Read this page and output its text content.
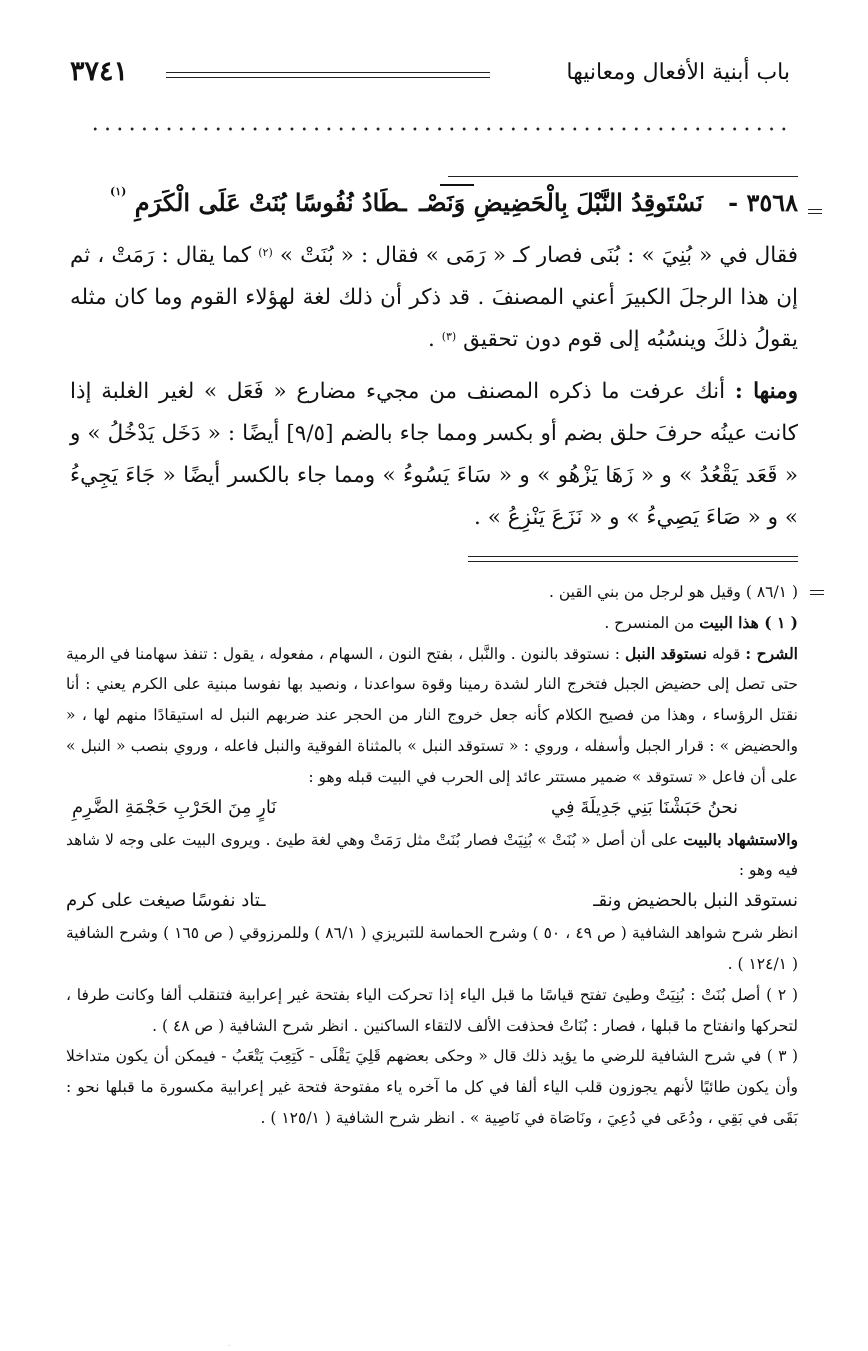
باب أبنية الأفعال ومعانيها
٣٧٤١
٣٥٦٨ -
نَسْتَوقِدُ النَّبْلَ بِالْحَضِيضِ وَنَصْـ
ـطَادُ نُفُوسًا بُنَتْ عَلَى الْكَرَمِ $^{(١)}$

فقال في « بُنِيَ » : بُنَى فصار كـ « رَمَى » فقال : « بُنَتْ » $^{(٢)}$ كما يقال : رَمَتْ ، ثم إن هذا الرجلَ الكبيرَ أعني المصنفَ . قد ذكر أن ذلك لغة لهؤلاء القوم وما كان مثله يقولُ ذلكَ وينسُبُه إلى قوم دون تحقيق $^{(٣)}$ .

ومنها : أنك عرفت ما ذكره المصنف من مجيء مضارع « فَعَل » لغير الغلبة إذا كانت عينُه حرفَ حلق بضم أو بكسر ومما جاء بالضم [٩/٥] أيضًا : « دَخَل يَدْخُلُ » و « قَعَد يَقْعُدُ » و « زَهَا يَزْهُو » و « سَاءَ يَسُوءُ » ومما جاء بالكسر أيضًا « جَاءَ يَجِيءُ » و « صَاءَ يَصِيءُ » و « نَزَعَ يَنْزِعُ » .

( ٨٦/١ ) وقيل هو لرجل من بني القين .

( ١ ) هذا البيت من المنسرح .

الشرح : قوله نستوقد النبل : نستوقد بالنون . والنَّبل ، بفتح النون ، السهام ، مفعوله ، يقول : تنفذ سهامنا في الرمية حتى تصل إلى حضيض الجبل فتخرج النار لشدة رمينا وقوة سواعدنا ، ونصيد بها نفوسا مبنية على الكرم يعني : أنا نقتل الرؤساء ، وهذا من فصيح الكلام كأنه جعل خروج النار من الحجر عند ضربهم النبل له استيقادًا منهم لها ، « والحضيض » : قرار الجبل وأسفله ، وروي : « تستوقد النبل » بالمثناة الفوقية والنبل فاعله ، وروي بنصب « النبل » على أن فاعل « تستوقد » ضمير مستتر عائد إلى الحرب في البيت قبله وهو :

نحنُ حَبَشْنَا بَنِي جَدِيلَةَ فِي
نَارٍ مِنَ الحَرْبِ حَجْمَةِ الضَّرِمِ

والاستشهاد بالبيت على أن أصل « بُنَتْ » بُنِيَتْ فصار بُنَتْ مثل رَمَتْ وهي لغة طيئ . ويروى البيت على وجه لا شاهد فيه وهو :

نستوقد النبل بالحضيض ونقـ
ـتاد نفوسًا صيغت على كرم

انظر شرح شواهد الشافية ( ص ٤٩ ، ٥٠ ) وشرح الحماسة للتبريزي ( ٨٦/١ ) وللمرزوقي ( ص ١٦٥ ) وشرح الشافية ( ١٢٤/١ ) .

( ٢ ) أصل بُنَتْ : بُنِيَتْ وطيئ تفتح قياسًا ما قبل الياء إذا تحركت الياء بفتحة غير إعرابية فتنقلب ألفا وكانت طرفا ، لتحركها وانفتاح ما قبلها ، فصار : بُنَاتْ فحذفت الألف لالتقاء الساكنين . انظر شرح الشافية ( ص ٤٨ ) .

( ٣ ) في شرح الشافية للرضي ما يؤيد ذلك قال « وحكى بعضهم قَلِيَ يَقْلَى - كَتِعِبَ يَتْعَبُ - فيمكن أن يكون متداخلا وأن يكون طائيًا لأنهم يجوزون قلب الياء ألفا في كل ما آخره ياء مفتوحة فتحة غير إعرابية مكسورة ما قبلها نحو : بَقَى في بَقِي ، ودُعَى في دُعِيَ ، ونَاصَاة في نَاصِية » . انظر شرح الشافية ( ١٢٥/١ ) .

.
